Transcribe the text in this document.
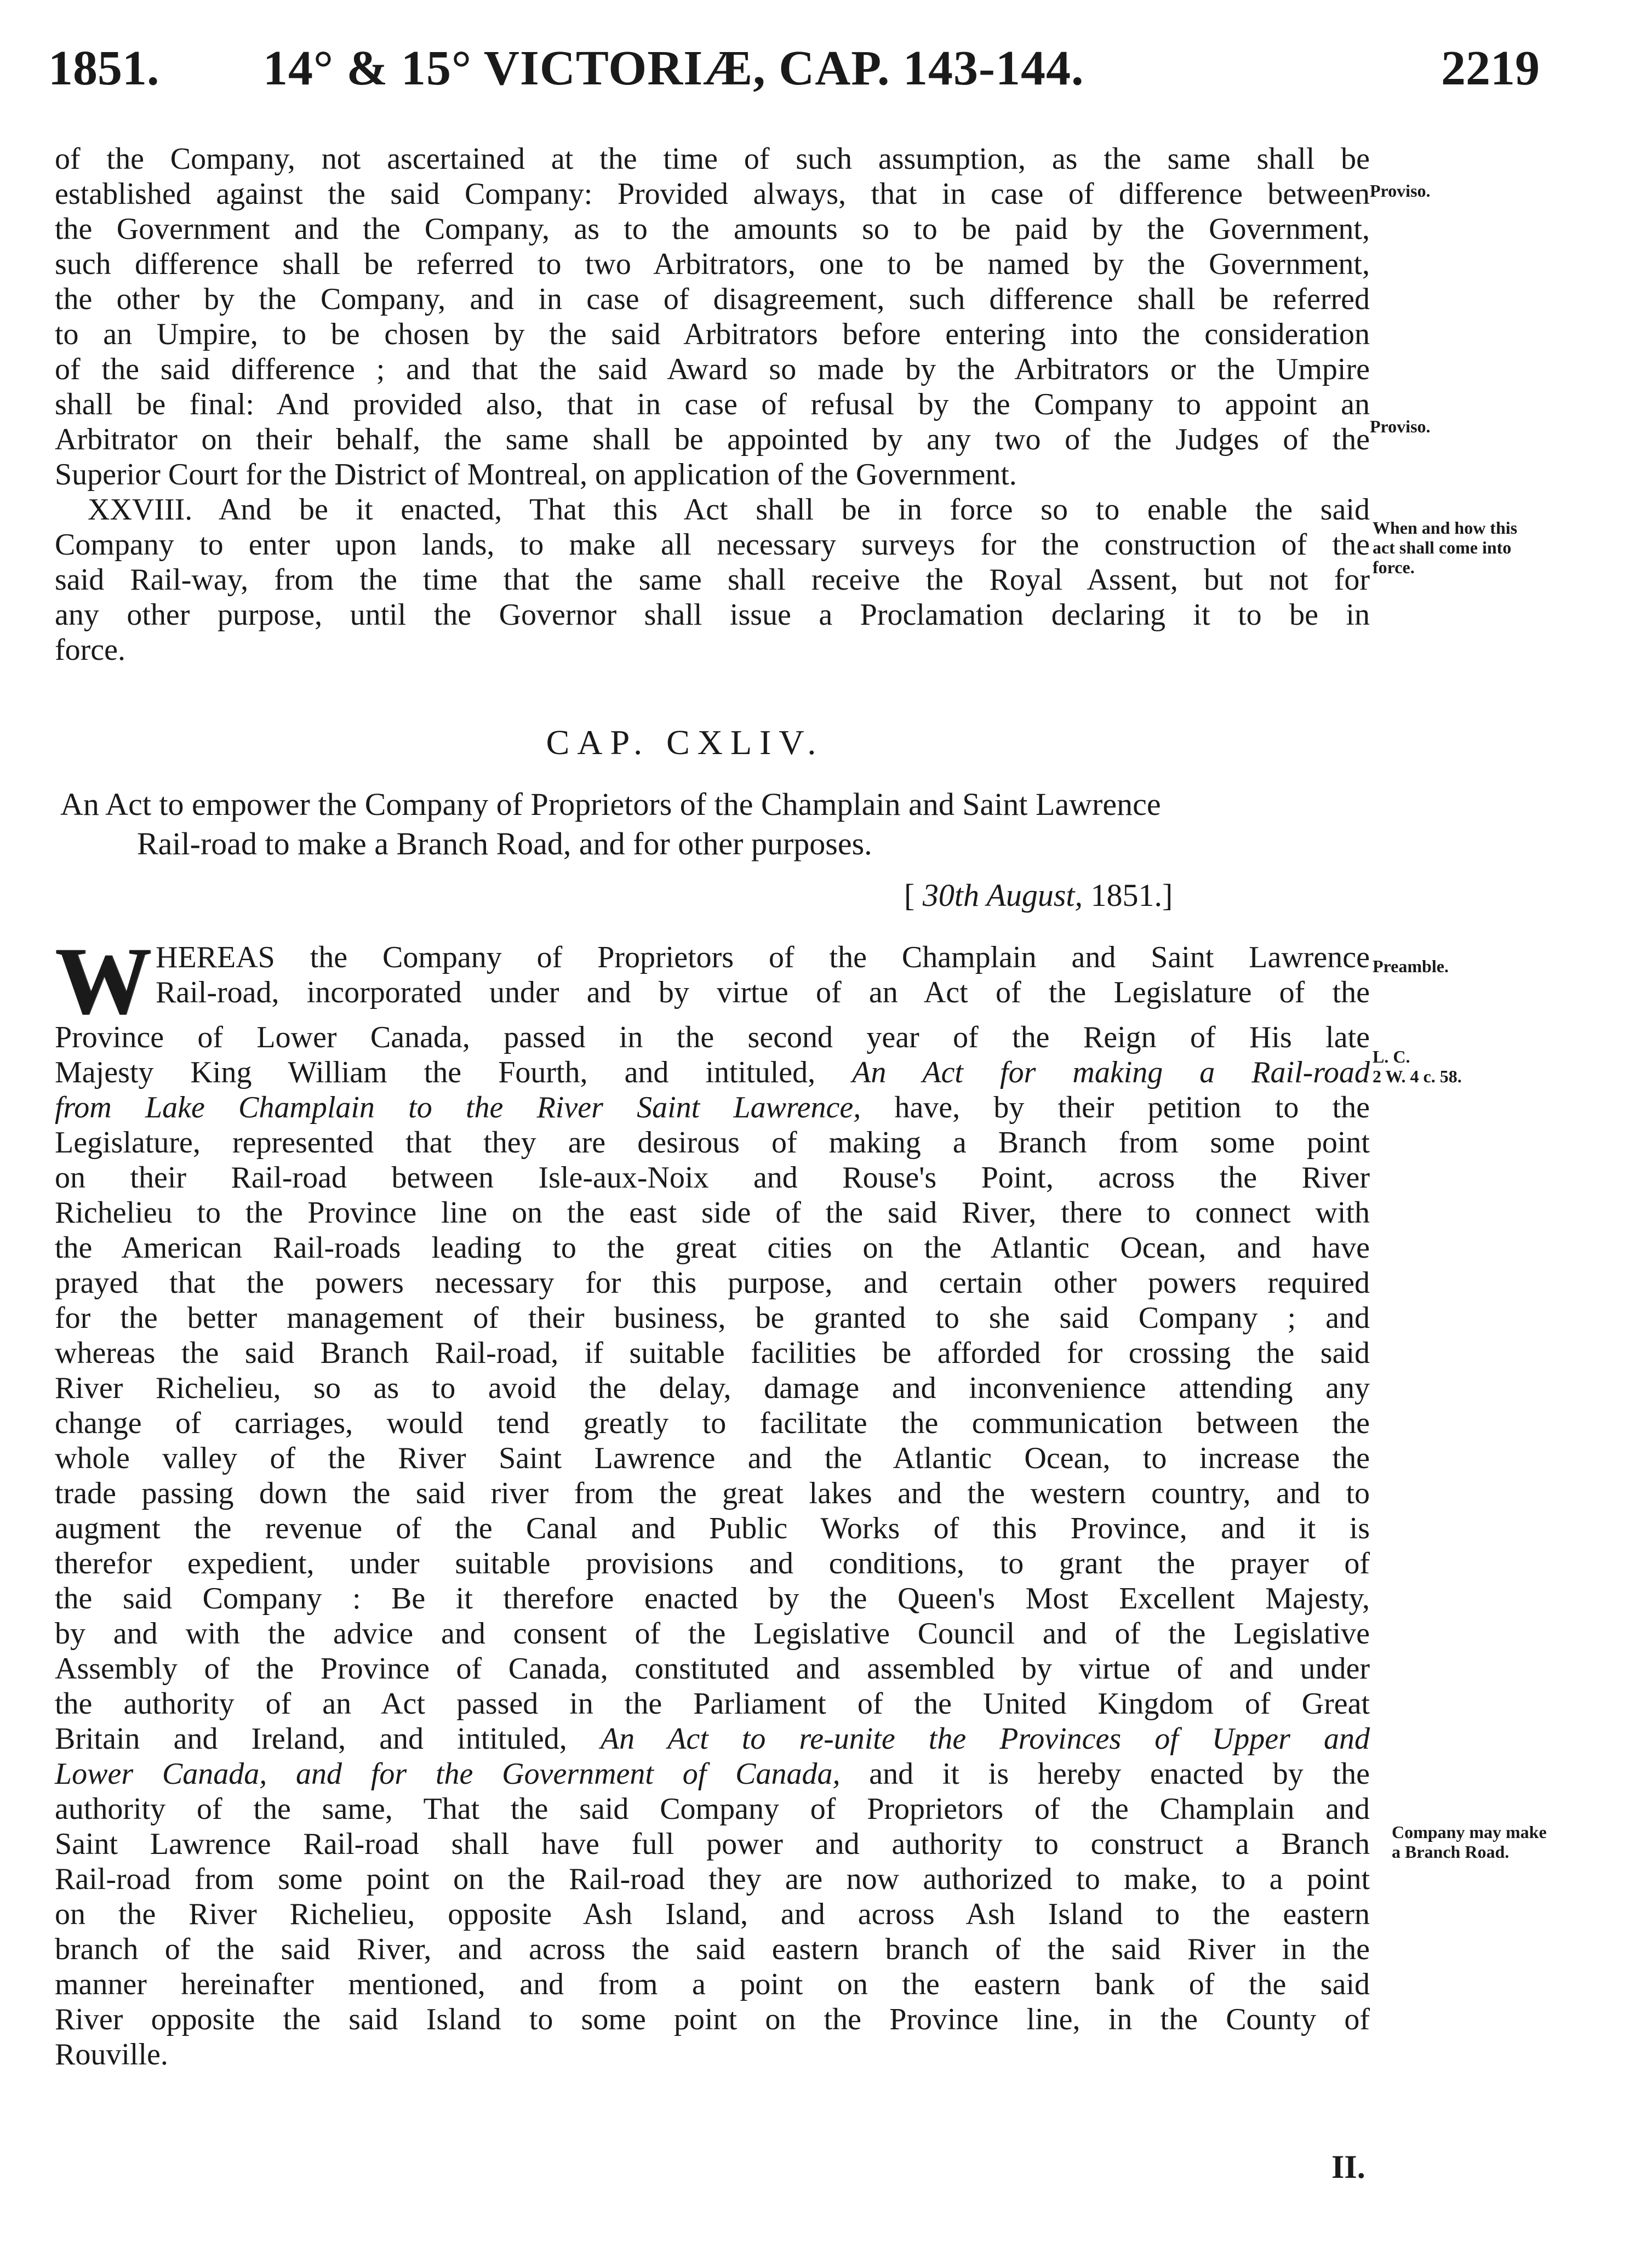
1851. 14° & 15° VICTORIÆ, CAP. 143-144.	2219
of the Company, not ascertained at the time of such assumption, as the same shall be
established against the said Company: Provided always, that in case of difference between
the Government and the Company, as to the amounts so to be paid by the Government,
such difference shall be referred to two Arbitrators, one to be named by the Government,
the other by the Company, and in case of disagreement, such difference shall be referred
to an Umpire, to be chosen by the said Arbitrators before entering into the consideration
of the said difference ; and that the said Award so made by the Arbitrators or the Umpire
shall be final: And provided also, that in case of refusal by the Company to appoint an
Arbitrator on their behalf, the same shall be appointed by any two of the Judges of the
Superior Court for the District of Montreal, on application of the Government.
XXVIII. And be it enacted, That this Act shall be in force so to enable the said
Company to enter upon lands, to make all necessary surveys for the construction of the
said Rail-way, from the time that the same shall receive the Royal Assent, but not for
any other purpose, until the Governor shall issue a Proclamation declaring it to be in
force.
CAP. CXLIV.
An Act to empower the Company of Proprietors of the Champlain and Saint Lawrence
Rail-road to make a Branch Road, and for other purposes.
[ 30th August, 1851.]
W HEREAS the Company of Proprietors of the Champlain and Saint Lawrence
Rail-road, incorporated under and by virtue of an Act of the Legislature of the
Province of Lower Canada, passed in the second year of the Reign of His late
Majesty King William the Fourth, and intituled, An Act for making a Rail-road
from Lake Champlain to the River Saint Lawrence, have, by their petition to the
Legislature, represented that they are desirous of making a Branch from some point
on their Rail-road between Isle-aux-Noix and Rouse's Point, across the River
Richelieu to the Province line on the east side of the said River, there to connect with
the American Rail-roads leading to the great cities on the Atlantic Ocean, and have
prayed that the powers necessary for this purpose, and certain other powers required
for the better management of their business, be granted to she said Company ; and
whereas the said Branch Rail-road, if suitable facilities be afforded for crossing the said
River Richelieu, so as to avoid the delay, damage and inconvenience attending any
change of carriages, would tend greatly to facilitate the communication between the
whole valley of the River Saint Lawrence and the Atlantic Ocean, to increase the
trade passing down the said river from the great lakes and the western country, and to
augment the revenue of the Canal and Public Works of this Province, and it is
therefor expedient, under suitable provisions and conditions, to grant the prayer of
the said Company : Be it therefore enacted by the Queen's Most Excellent Majesty,
by and with the advice and consent of the Legislative Council and of the Legislative
Assembly of the Province of Canada, constituted and assembled by virtue of and under
the authority of an Act passed in the Parliament of the United Kingdom of Great
Britain and Ireland, and intituled, An Act to re-unite the Provinces of Upper and
Lower Canada, and for the Government of Canada, and it is hereby enacted by the
authority of the same, That the said Company of Proprietors of the Champlain and
Saint Lawrence Rail-road shall have full power and authority to construct a Branch
Rail-road from some point on the Rail-road they are now authorized to make, to a point
on the River Richelieu, opposite Ash Island, and across Ash Island to the eastern
branch of the said River, and across the said eastern branch of the said River in the
manner hereinafter mentioned, and from a point on the eastern bank of the said
River opposite the said Island to some point on the Province line, in the County of
Rouville.
Proviso.
Proviso.
When and how this
act shall come into
force.
Preamble.
L. C.
2 W. 4 c. 58.
Company may make
a Branch Road.
II.
